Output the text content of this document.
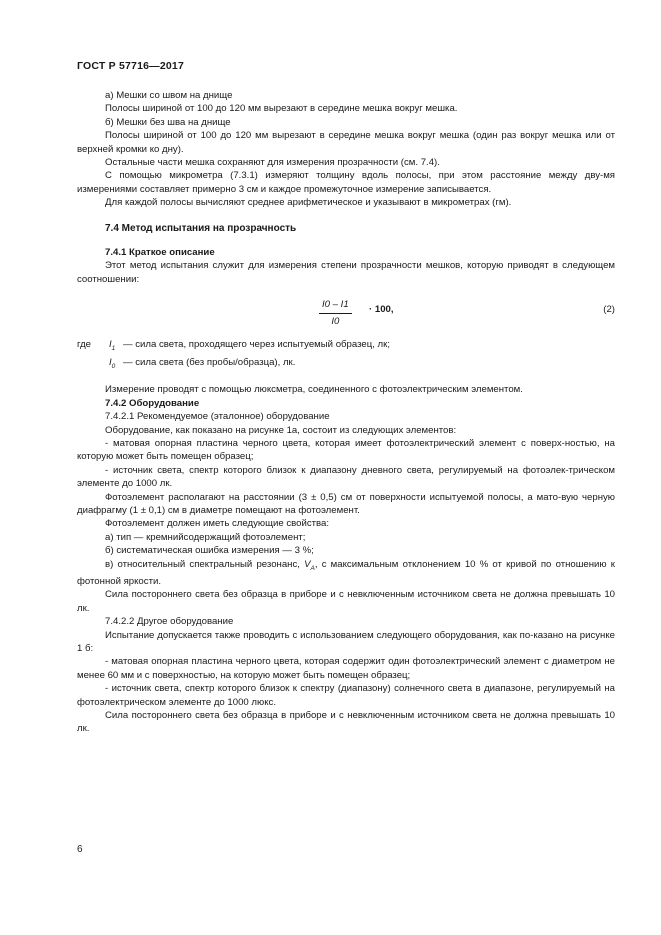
ГОСТ Р 57716—2017

а) Мешки со швом на днище

Полосы шириной от 100 до 120 мм вырезают в середине мешка вокруг мешка.

б) Мешки без шва на днище

Полосы шириной от 100 до 120 мм вырезают в середине мешка вокруг мешка (один раз вокруг мешка или от верхней кромки ко дну).

Остальные части мешка сохраняют для измерения прозрачности (см. 7.4).

С помощью микрометра (7.3.1) измеряют толщину вдоль полосы, при этом расстояние между дву-мя измерениями составляет примерно 3 см и каждое промежуточное измерение записывается.

Для каждой полосы вычисляют среднее арифметическое и указывают в микрометрах (гм).

7.4 Метод испытания на прозрачность

7.4.1 Краткое описание

Этот метод испытания служит для измерения степени прозрачности мешков, которую приводят в следующем соотношении:

$\frac{I0 - I1}{I0} \cdot 100$,	(2)
где $I_1$ — сила света, проходящего через испытуемый образец, лк;
$I_0$ — сила света (без пробы/образца), лк.

Измерение проводят с помощью люксметра, соединенного с фотоэлектрическим элементом.

7.4.2 Оборудование

7.4.2.1 Рекомендуемое (эталонное) оборудование

Оборудование, как показано на рисунке 1а, состоит из следующих элементов:

- матовая опорная пластина черного цвета, которая имеет фотоэлектрический элемент с поверх-ностью, на которую может быть помещен образец;

- источник света, спектр которого близок к диапазону дневного света, регулируемый на фотоэлек-трическом элементе до 1000 лк.

Фотоэлемент располагают на расстоянии (3 ± 0,5) см от поверхности испытуемой полосы, а мато-вую черную диафрагму (1 ± 0,1) см в диаметре помещают на фотоэлемент.

Фотоэлемент должен иметь следующие свойства:

а) тип — кремнийсодержащий фотоэлемент;

б) систематическая ошибка измерения — 3 %;

в) относительный спектральный резонанс, $V_A$, с максимальным отклонением 10 % от кривой по отношению к фотонной яркости.

Сила постороннего света без образца в приборе и с невключенным источником света не должна превышать 10 лк.

7.4.2.2 Другое оборудование

Испытание допускается также проводить с использованием следующего оборудования, как по-казано на рисунке 1 б:

- матовая опорная пластина черного цвета, которая содержит один фотоэлектрический элемент с диаметром не менее 60 мм и с поверхностью, на которую может быть помещен образец;

- источник света, спектр которого близок к спектру (диапазону) солнечного света в диапазоне, регулируемый на фотоэлектрическом элементе до 1000 люкс.

Сила постороннего света без образца в приборе и с невключенным источником света не должна превышать 10 лк.

6
